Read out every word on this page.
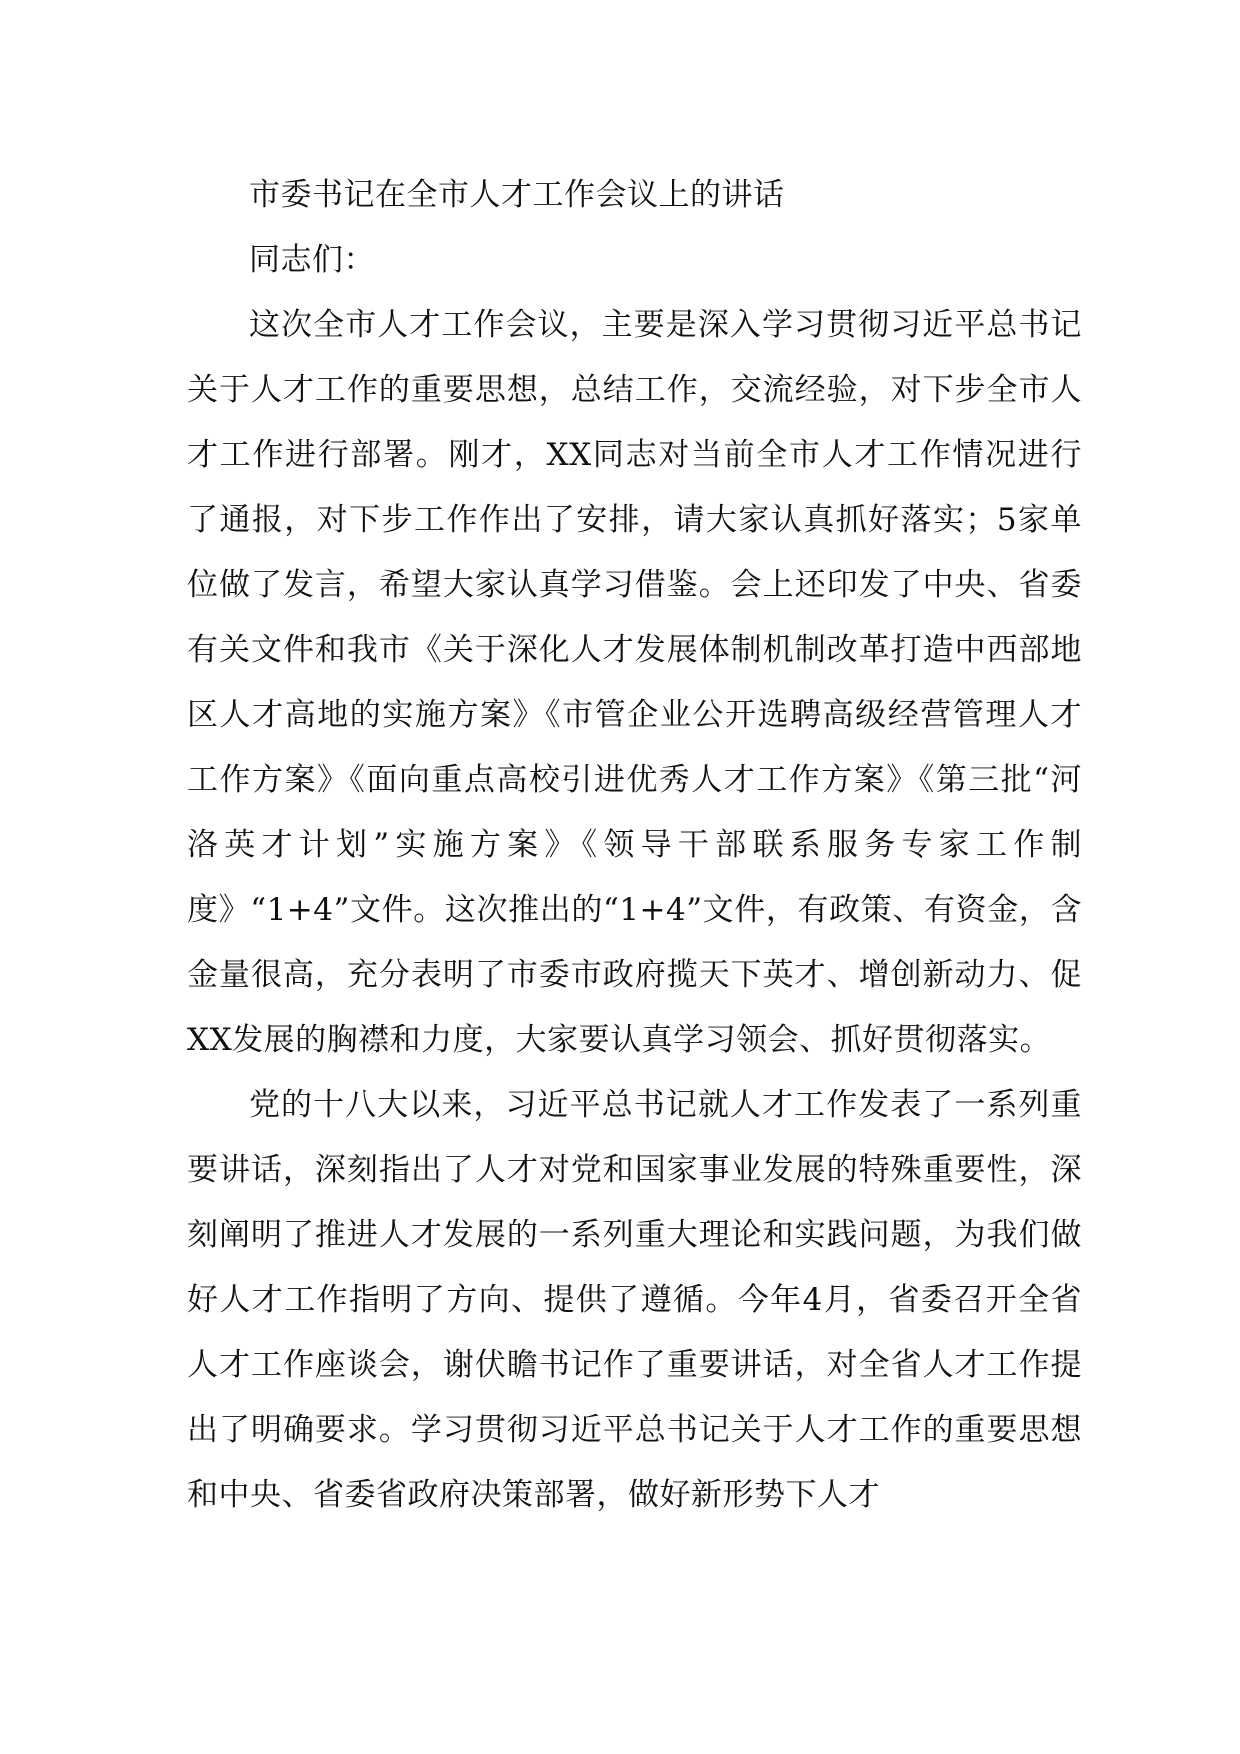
市委书记在全市人才工作会议上的讲话

同志们：

这次全市人才工作会议，主要是深入学习贯彻习近平总书记关于人才工作的重要思想，总结工作，交流经验，对下步全市人才工作进行部署。刚才，XX同志对当前全市人才工作情况进行了通报，对下步工作作出了安排，请大家认真抓好落实；5家单位做了发言，希望大家认真学习借鉴。会上还印发了中央、省委有关文件和我市《关于深化人才发展体制机制改革打造中西部地区人才高地的实施方案》《市管企业公开选聘高级经营管理人才工作方案》《面向重点高校引进优秀人才工作方案》《第三批“河洛英才计划”实施方案》《领导干部联系服务专家工作制度》“1+4”文件。这次推出的“1+4”文件，有政策、有资金，含金量很高，充分表明了市委市政府揽天下英才、增创新动力、促XX发展的胸襟和力度，大家要认真学习领会、抓好贯彻落实。

党的十八大以来，习近平总书记就人才工作发表了一系列重要讲话，深刻指出了人才对党和国家事业发展的特殊重要性，深刻阐明了推进人才发展的一系列重大理论和实践问题，为我们做好人才工作指明了方向、提供了遵循。今年4月，省委召开全省人才工作座谈会，谢伏瞻书记作了重要讲话，对全省人才工作提出了明确要求。学习贯彻习近平总书记关于人才工作的重要思想和中央、省委省政府决策部署，做好新形势下人才
